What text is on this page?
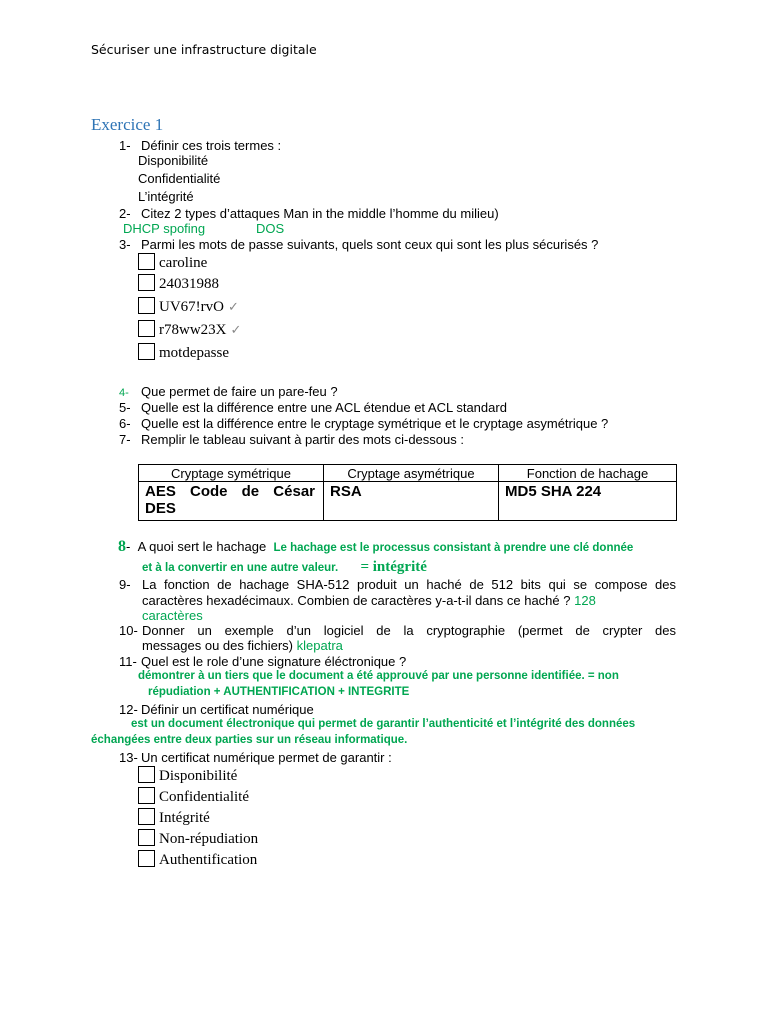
Sécuriser une infrastructure digitale
Exercice 1
1- Définir ces trois termes :
Disponibilité
Confidentialité
L’intégrité
2- Citez 2 types d’attaques Man in the middle l’homme du milieu)
DHCP spofing	DOS
3- Parmi les mots de passe suivants, quels sont ceux qui sont les plus sécurisés ?
caroline
24031988
UV67!rvO ✓
r78ww23X ✓
motdepasse
4- Que permet de faire un pare-feu ?
5- Quelle est la différence entre une ACL étendue et ACL standard
6- Quelle est la différence entre le cryptage symétrique et le cryptage asymétrique ?
7- Remplir le tableau suivant à partir des mots ci-dessous :
Cryptage symétrique	Cryptage asymétrique	Fonction de hachage

AES Code de César DES	RSA	MD5 SHA 224
8- A quoi sert le hachage Le hachage est le processus consistant à prendre une clé donnée
et à la convertir en une autre valeur. = intégrité
9- La fonction de hachage SHA-512 produit un haché de 512 bits qui se compose des
caractères hexadécimaux. Combien de caractères y-a-t-il dans ce haché ? 128
caractères
10- Donner un exemple d’un logiciel de la cryptographie (permet de crypter des
messages ou des fichiers) klepatra
11- Quel est le role d’une signature éléctronique ?
démontrer à un tiers que le document a été approuvé par une personne identifiée. = non
répudiation + AUTHENTIFICATION + INTEGRITE
12- Définir un certificat numérique
est un document électronique qui permet de garantir l’authenticité et l’intégrité des données
échangées entre deux parties sur un réseau informatique.
13- Un certificat numérique permet de garantir :
Disponibilité
Confidentialité
Intégrité
Non-répudiation
Authentification
